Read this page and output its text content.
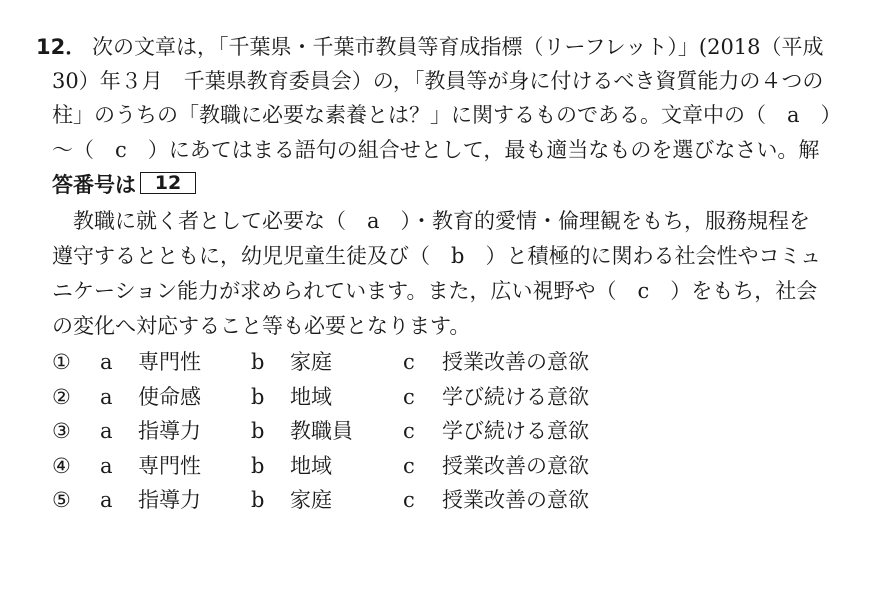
12． 次の文章は，「千葉県・千葉市教員等育成指標（リーフレット）」(2018（平成
30）年３月　千葉県教育委員会）の，「教員等が身に付けるべき資質能力の４つの
柱」のうちの「教職に必要な素養とは？」に関するものである。文章中の（　a　）
～（　c　）にあてはまる語句の組合せとして，最も適当なものを選びなさい。解
答番号は 12
教職に就く者として必要な（　a　）・教育的愛情・倫理観をもち，服務規程を
遵守するとともに，幼児児童生徒及び（　b　）と積極的に関わる社会性やコミュ
ニケーション能力が求められています。また，広い視野や（　c　）をもち，社会
の変化へ対応すること等も必要となります。
① a 専門性 b 家庭	c 授業改善の意欲
② a 使命感 b 地域	c 学び続ける意欲
③ a 指導力 b 教職員 c 学び続ける意欲
④ a 専門性 b 地域	c 授業改善の意欲
⑤ a 指導力 b 家庭	c 授業改善の意欲
